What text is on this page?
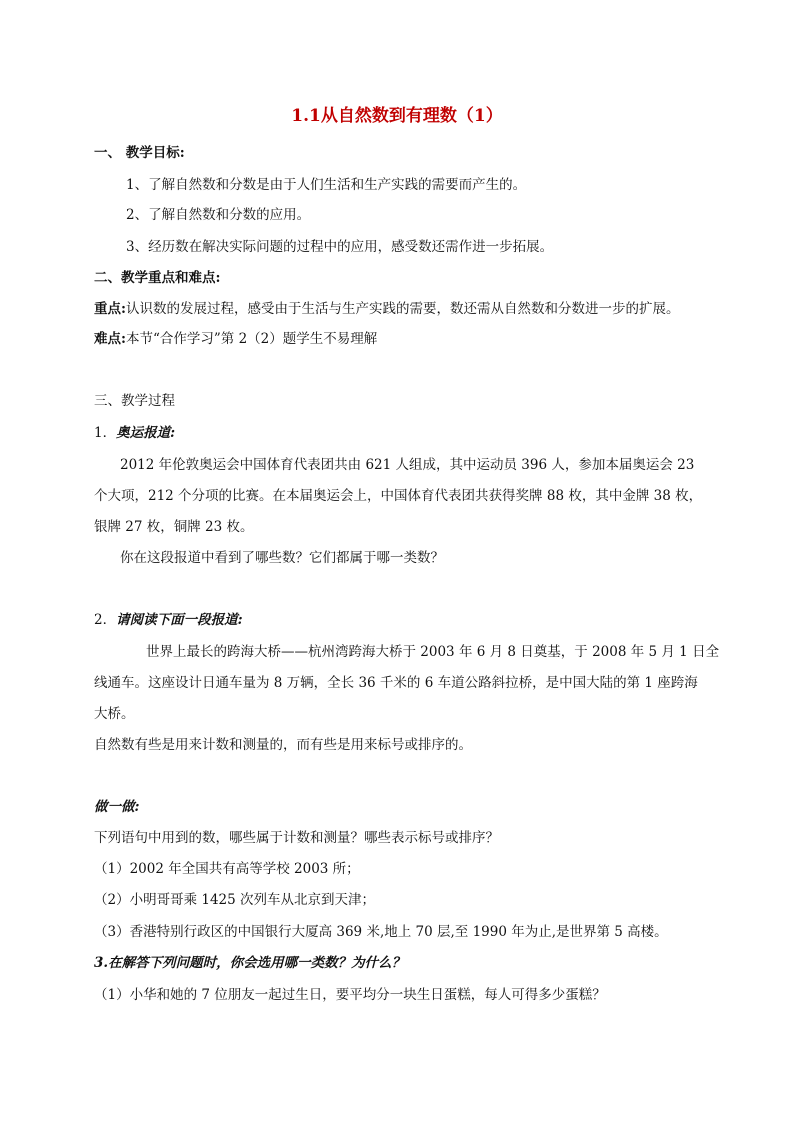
1.1从自然数到有理数（1）
一、 教学目标:
1、了解自然数和分数是由于人们生活和生产实践的需要而产生的。
2、了解自然数和分数的应用。
3、经历数在解决实际问题的过程中的应用，感受数还需作进一步拓展。
二、教学重点和难点:
重点:认识数的发展过程，感受由于生活与生产实践的需要，数还需从自然数和分数进一步的扩展。
难点:本节“合作学习”第 2（2）题学生不易理解
三、教学过程
1．奥运报道:
2012 年伦敦奥运会中国体育代表团共由 621 人组成，其中运动员 396 人，参加本届奥运会 23
个大项，212 个分项的比赛。在本届奥运会上，中国体育代表团共获得奖牌 88 枚，其中金牌 38 枚，
银牌 27 枚，铜牌 23 枚。
你在这段报道中看到了哪些数？它们都属于哪一类数？
2．请阅读下面一段报道:
世界上最长的跨海大桥——杭州湾跨海大桥于 2003 年 6 月 8 日奠基，于 2008 年 5 月 1 日全
线通车。这座设计日通车量为 8 万辆，全长 36 千米的 6 车道公路斜拉桥，是中国大陆的第 1 座跨海
大桥。
自然数有些是用来计数和测量的，而有些是用来标号或排序的。
做一做:
下列语句中用到的数，哪些属于计数和测量？哪些表示标号或排序？
（1）2002 年全国共有高等学校 2003 所；
（2）小明哥哥乘 1425 次列车从北京到天津；
（3）香港特别行政区的中国银行大厦高 369 米,地上 70 层,至 1990 年为止,是世界第 5 高楼。
3.在解答下列问题时，你会选用哪一类数？为什么？
（1）小华和她的 7 位朋友一起过生日，要平均分一块生日蛋糕，每人可得多少蛋糕？
